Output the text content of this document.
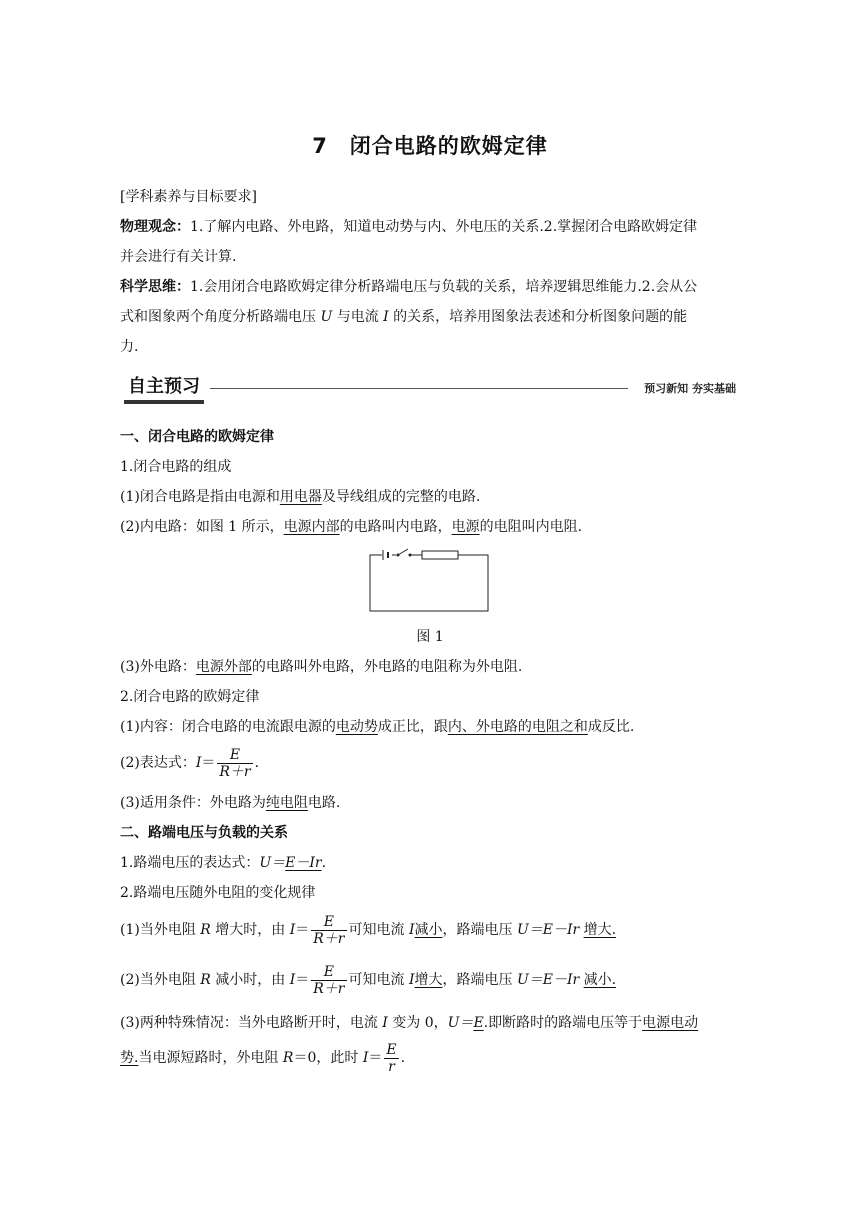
7　闭合电路的欧姆定律
[学科素养与目标要求]
物理观念：1.了解内电路、外电路，知道电动势与内、外电压的关系.2.掌握闭合电路欧姆定律
并会进行有关计算.
科学思维：1.会用闭合电路欧姆定律分析路端电压与负载的关系，培养逻辑思维能力.2.会从公
式和图象两个角度分析路端电压 U 与电流 I 的关系，培养用图象法表述和分析图象问题的能
力.
自主预习	预习新知 夯实基础
一、闭合电路的欧姆定律
1.闭合电路的组成
(1)闭合电路是指由电源和用电器及导线组成的完整的电路.
(2)内电路：如图 1 所示，电源内部的电路叫内电路，电源的电阻叫内电阻.
图 1
(3)外电路：电源外部的电路叫外电路，外电路的电阻称为外电阻.
2.闭合电路的欧姆定律
(1)内容：闭合电路的电流跟电源的电动势成正比，跟内、外电路的电阻之和成反比.
(2)表达式：$I= \frac{E}{R+r}$ .
(3)适用条件：外电路为纯电阻电路.
二、路端电压与负载的关系
1.路端电压的表达式：U＝E－Ir.
2.路端电压随外电阻的变化规律
(1)当外电阻 R 增大时，由 $I= \frac{E}{R+r}$ 可知电流 I减小，路端电压 U＝E－Ir 增大.
(2)当外电阻 R 减小时，由 $I= \frac{E}{R+r}$ 可知电流 I增大，路端电压 U＝E－Ir 减小.
(3)两种特殊情况：当外电路断开时，电流 I 变为 0，U＝E.即断路时的路端电压等于电源电动
势.当电源短路时，外电阻 R＝0，此时 $I= \frac{E}{r}$ .
